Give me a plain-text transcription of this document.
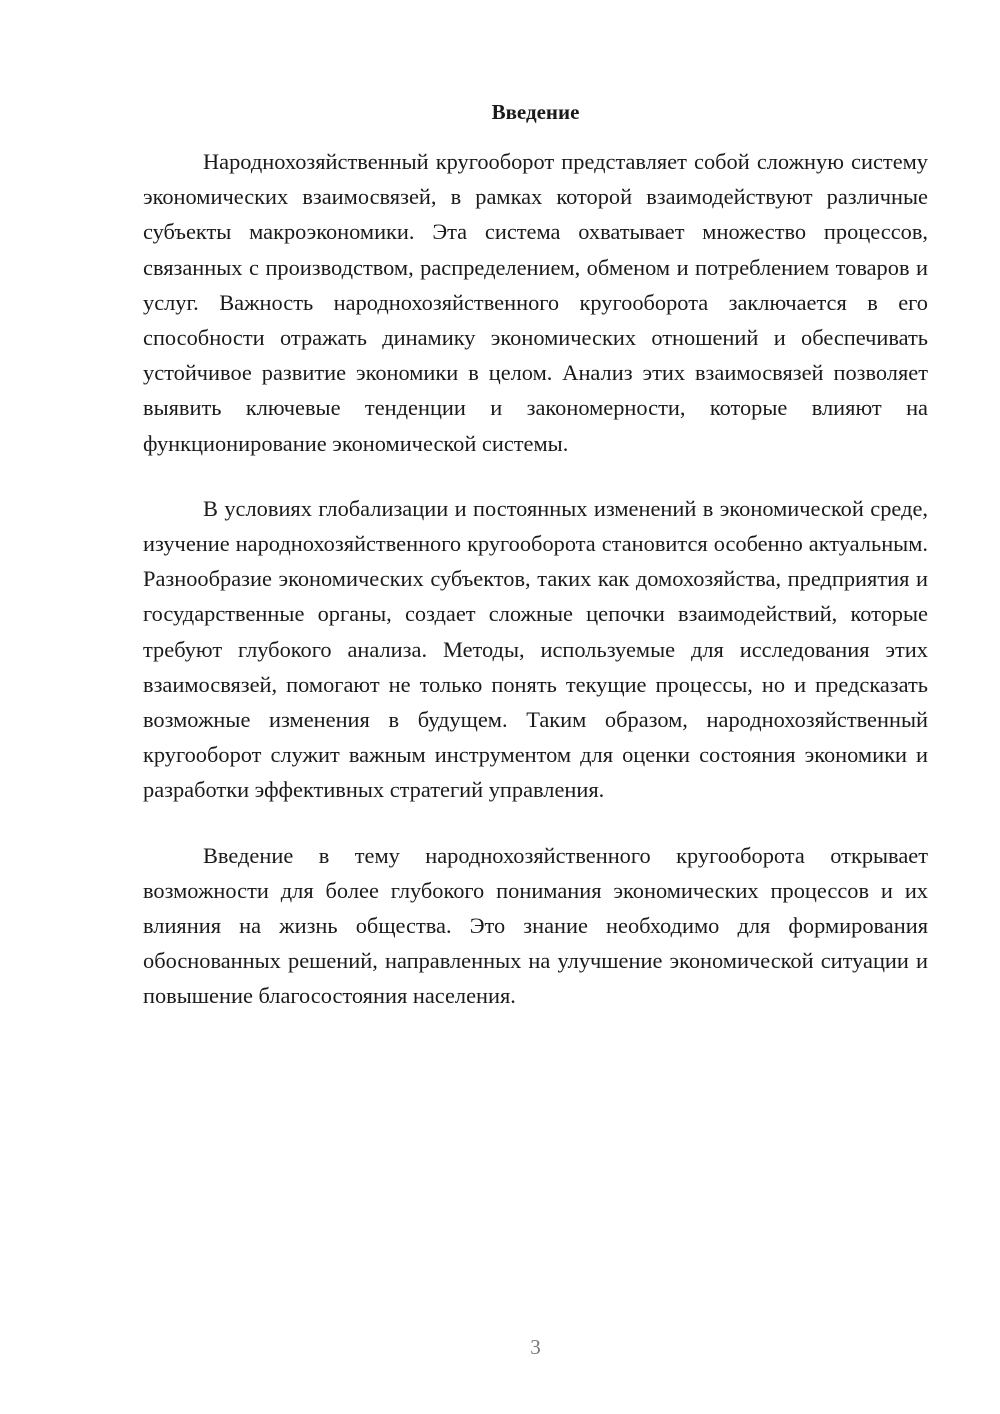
Введение

Народнохозяйственный кругооборот представляет собой сложную систему экономических взаимосвязей, в рамках которой взаимодействуют различные субъекты макроэкономики. Эта система охватывает множество процессов, связанных с производством, распределением, обменом и потреблением товаров и услуг. Важность народнохозяйственного кругооборота заключается в его способности отражать динамику экономических отношений и обеспечивать устойчивое развитие экономики в целом. Анализ этих взаимосвязей позволяет выявить ключевые тенденции и закономерности, которые влияют на функционирование экономической системы.

В условиях глобализации и постоянных изменений в экономической среде, изучение народнохозяйственного кругооборота становится особенно актуальным. Разнообразие экономических субъектов, таких как домохозяйства, предприятия и государственные органы, создает сложные цепочки взаимодействий, которые требуют глубокого анализа. Методы, используемые для исследования этих взаимосвязей, помогают не только понять текущие процессы, но и предсказать возможные изменения в будущем. Таким образом, народнохозяйственный кругооборот служит важным инструментом для оценки состояния экономики и разработки эффективных стратегий управления.

Введение в тему народнохозяйственного кругооборота открывает возможности для более глубокого понимания экономических процессов и их влияния на жизнь общества. Это знание необходимо для формирования обоснованных решений, направленных на улучшение экономической ситуации и повышение благосостояния населения.

3
